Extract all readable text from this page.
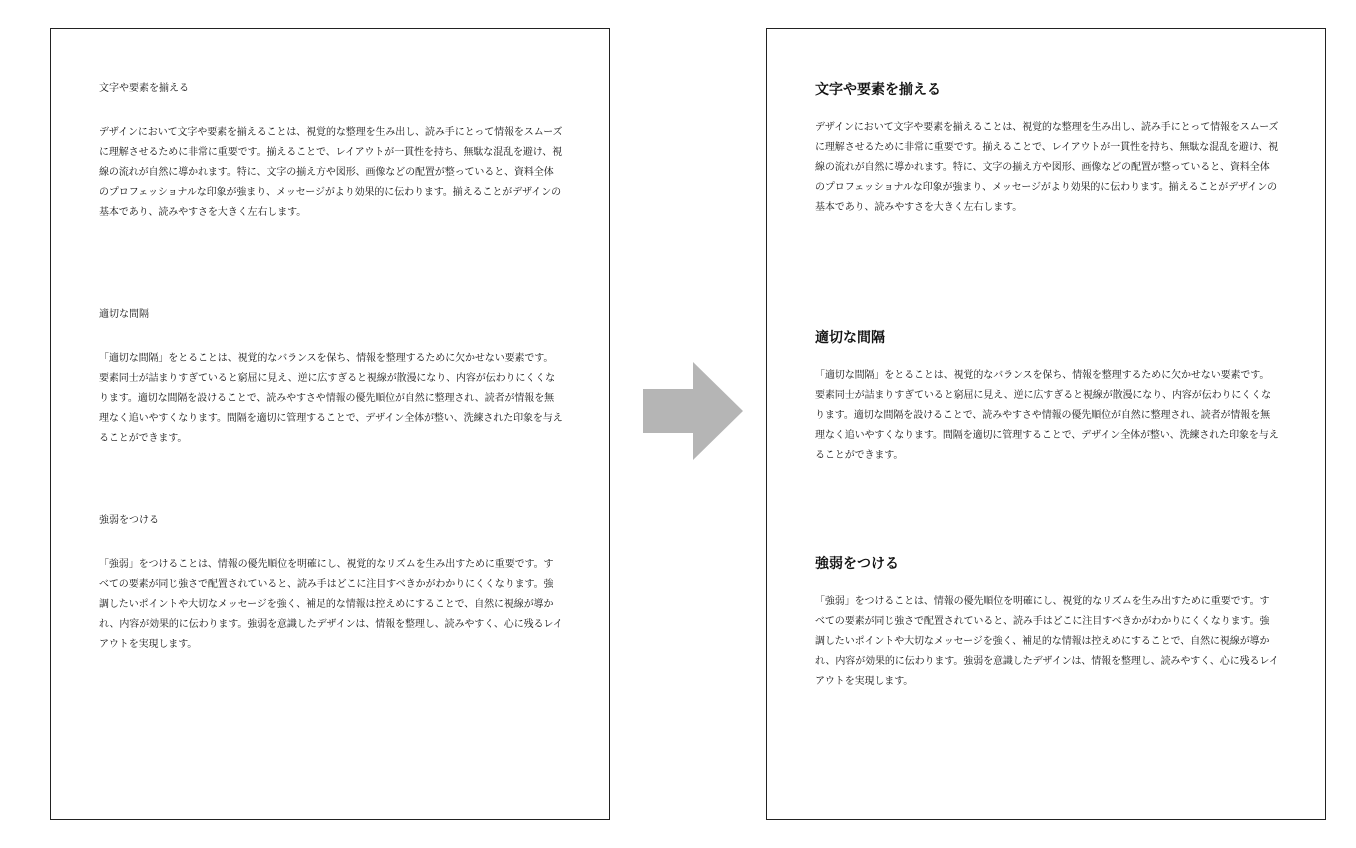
文字や要素を揃える

デザインにおいて文字や要素を揃えることは、視覚的な整理を生み出し、読み手にとって情報をスムーズに理解させるために非常に重要です。揃えることで、レイアウトが一貫性を持ち、無駄な混乱を避け、視線の流れが自然に導かれます。特に、文字の揃え方や図形、画像などの配置が整っていると、資料全体のプロフェッショナルな印象が強まり、メッセージがより効果的に伝わります。揃えることがデザインの基本であり、読みやすさを大きく左右します。

適切な間隔

「適切な間隔」をとることは、視覚的なバランスを保ち、情報を整理するために欠かせない要素です。要素同士が詰まりすぎていると窮屈に見え、逆に広すぎると視線が散漫になり、内容が伝わりにくくなります。適切な間隔を設けることで、読みやすさや情報の優先順位が自然に整理され、読者が情報を無理なく追いやすくなります。間隔を適切に管理することで、デザイン全体が整い、洗練された印象を与えることができます。

強弱をつける

「強弱」をつけることは、情報の優先順位を明確にし、視覚的なリズムを生み出すために重要です。すべての要素が同じ強さで配置されていると、読み手はどこに注目すべきかがわかりにくくなります。強調したいポイントや大切なメッセージを強く、補足的な情報は控えめにすることで、自然に視線が導かれ、内容が効果的に伝わります。強弱を意識したデザインは、情報を整理し、読みやすく、心に残るレイアウトを実現します。

文字や要素を揃える

デザインにおいて文字や要素を揃えることは、視覚的な整理を生み出し、読み手にとって情報をスムーズに理解させるために非常に重要です。揃えることで、レイアウトが一貫性を持ち、無駄な混乱を避け、視線の流れが自然に導かれます。特に、文字の揃え方や図形、画像などの配置が整っていると、資料全体のプロフェッショナルな印象が強まり、メッセージがより効果的に伝わります。揃えることがデザインの基本であり、読みやすさを大きく左右します。

適切な間隔

「適切な間隔」をとることは、視覚的なバランスを保ち、情報を整理するために欠かせない要素です。要素同士が詰まりすぎていると窮屈に見え、逆に広すぎると視線が散漫になり、内容が伝わりにくくなります。適切な間隔を設けることで、読みやすさや情報の優先順位が自然に整理され、読者が情報を無理なく追いやすくなります。間隔を適切に管理することで、デザイン全体が整い、洗練された印象を与えることができます。

強弱をつける

「強弱」をつけることは、情報の優先順位を明確にし、視覚的なリズムを生み出すために重要です。すべての要素が同じ強さで配置されていると、読み手はどこに注目すべきかがわかりにくくなります。強調したいポイントや大切なメッセージを強く、補足的な情報は控えめにすることで、自然に視線が導かれ、内容が効果的に伝わります。強弱を意識したデザインは、情報を整理し、読みやすく、心に残るレイアウトを実現します。
